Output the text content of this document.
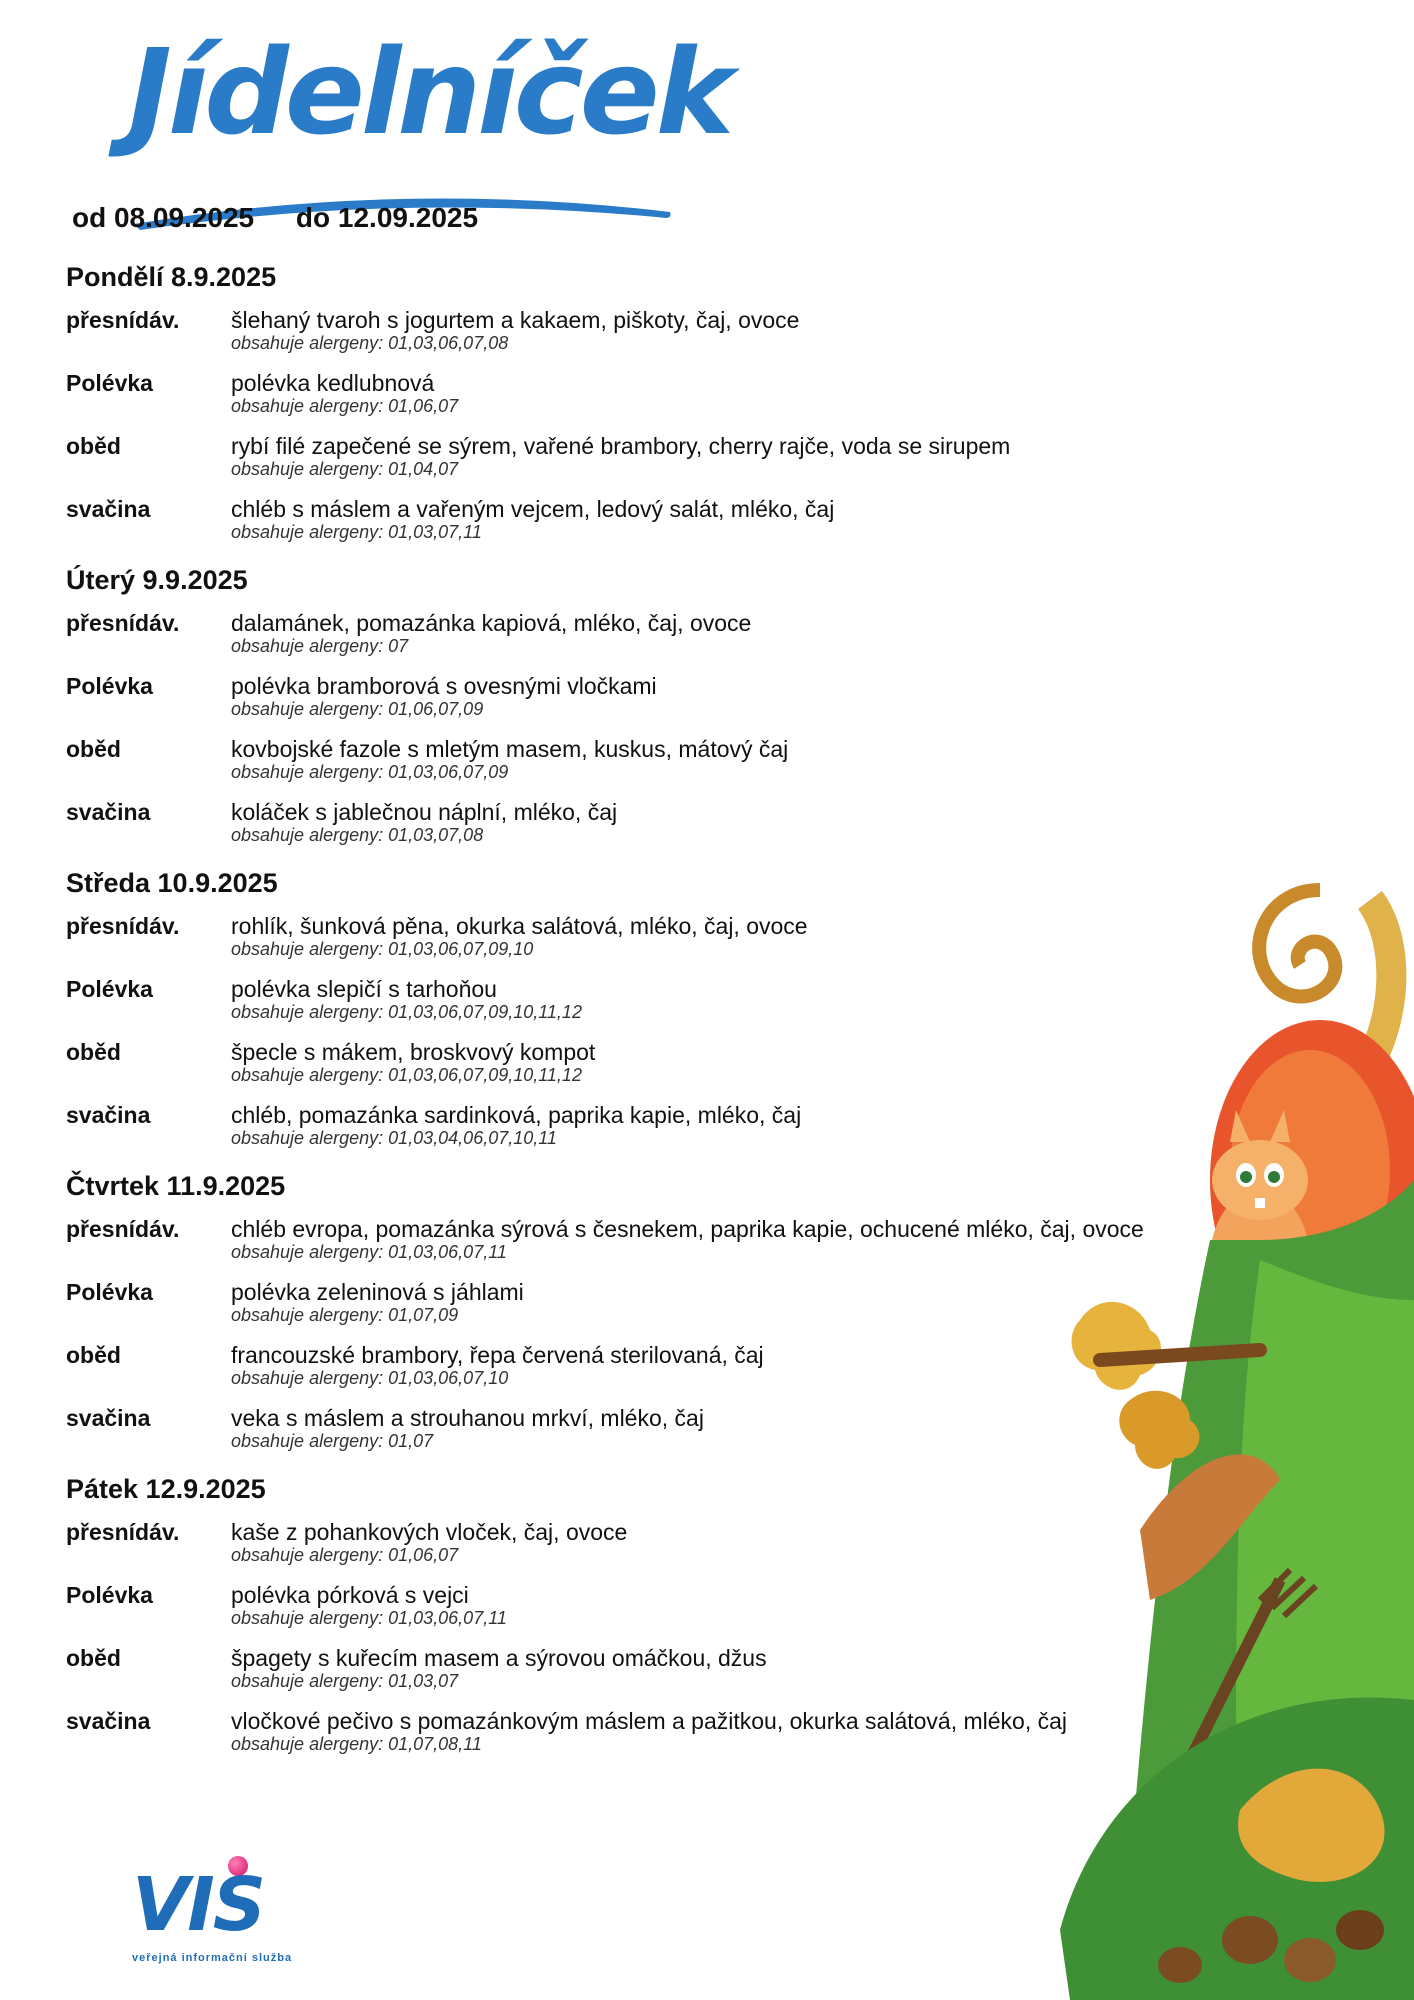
Jídelníček
od 08.09.2025 do 12.09.2025
Pondělí 8.9.2025
přesnídáv. šlehaný tvaroh s jogurtem a kakaem, piškoty, čaj, ovoce
obsahuje alergeny: 01,03,06,07,08
Polévka	polévka kedlubnová
obsahuje alergeny: 01,06,07
oběd	rybí filé zapečené se sýrem, vařené brambory, cherry rajče, voda se sirupem
obsahuje alergeny: 01,04,07
svačina	chléb s máslem a vařeným vejcem, ledový salát, mléko, čaj
obsahuje alergeny: 01,03,07,11
Úterý 9.9.2025
přesnídáv. dalamánek, pomazánka kapiová, mléko, čaj, ovoce
obsahuje alergeny: 07
Polévka	polévka bramborová s ovesnými vločkami
obsahuje alergeny: 01,06,07,09
oběd	kovbojské fazole s mletým masem, kuskus, mátový čaj
obsahuje alergeny: 01,03,06,07,09
svačina	koláček s jablečnou náplní, mléko, čaj
obsahuje alergeny: 01,03,07,08
Středa 10.9.2025
přesnídáv. rohlík, šunková pěna, okurka salátová, mléko, čaj, ovoce
obsahuje alergeny: 01,03,06,07,09,10
Polévka	polévka slepičí s tarhoňou
obsahuje alergeny: 01,03,06,07,09,10,11,12
oběd	špecle s mákem, broskvový kompot
obsahuje alergeny: 01,03,06,07,09,10,11,12
svačina	chléb, pomazánka sardinková, paprika kapie, mléko, čaj
obsahuje alergeny: 01,03,04,06,07,10,11
Čtvrtek 11.9.2025
přesnídáv. chléb evropa, pomazánka sýrová s česnekem, paprika kapie, ochucené mléko, čaj, ovoce
obsahuje alergeny: 01,03,06,07,11
Polévka	polévka zeleninová s jáhlami
obsahuje alergeny: 01,07,09
oběd	francouzské brambory, řepa červená sterilovaná, čaj
obsahuje alergeny: 01,03,06,07,10
svačina	veka s máslem a strouhanou mrkví, mléko, čaj
obsahuje alergeny: 01,07
Pátek 12.9.2025
přesnídáv. kaše z pohankových vloček, čaj, ovoce
obsahuje alergeny: 01,06,07
Polévka	polévka pórková s vejci
obsahuje alergeny: 01,03,06,07,11
oběd	špagety s kuřecím masem a sýrovou omáčkou, džus
obsahuje alergeny: 01,03,07
svačina	vločkové pečivo s pomazánkovým máslem a pažitkou, okurka salátová, mléko, čaj
obsahuje alergeny: 01,07,08,11
VIS
veřejná informační služba
